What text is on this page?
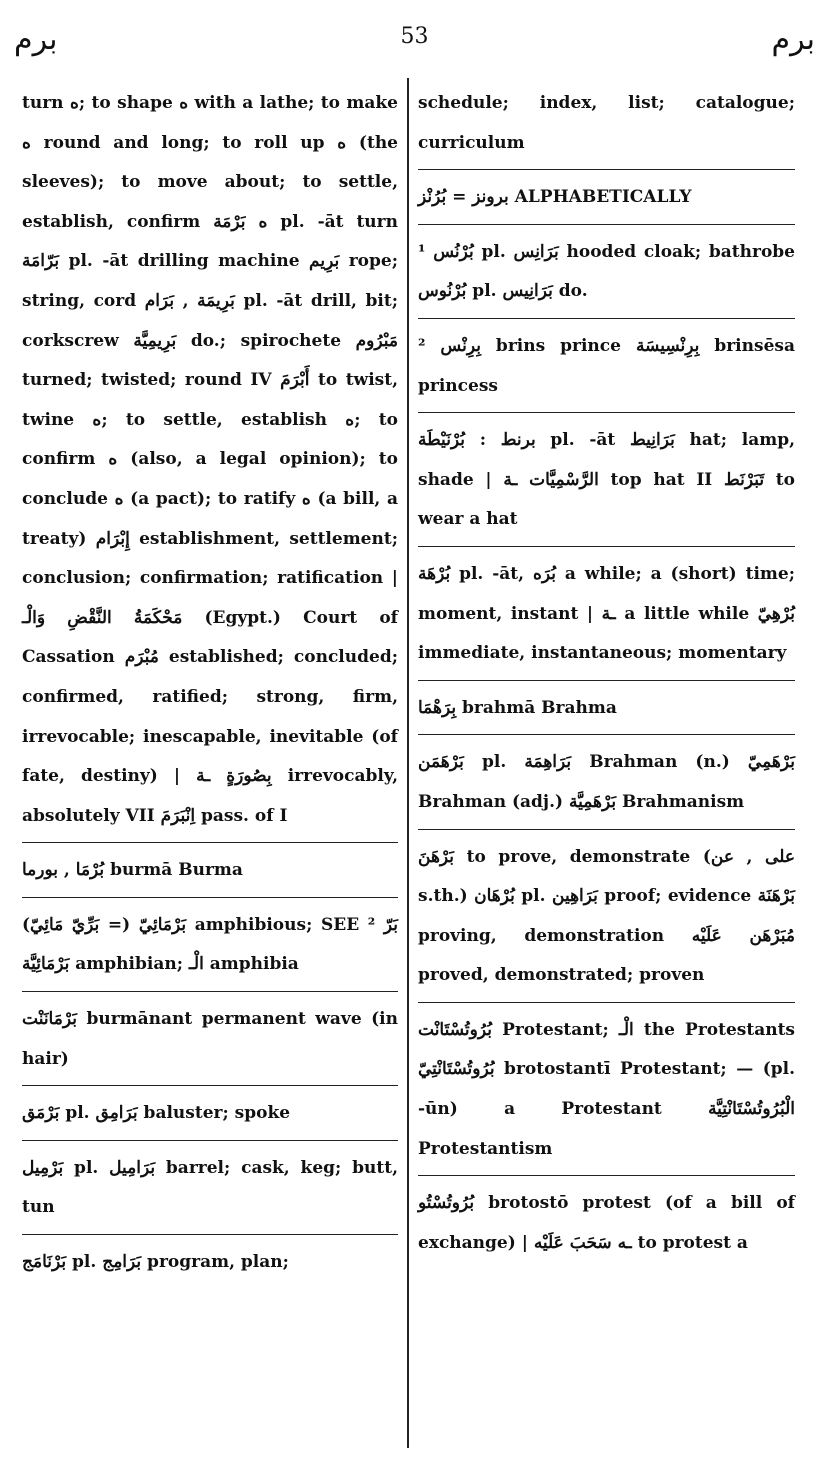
برم	53	برم
turn ه; to shape ه with a lathe; to make ه round and long; to roll up ه (the sleeves); to move about; to settle, establish, confirm ه بَرْمَة pl. -āt turn بَرّامَة pl. -āt drilling machine بَرِيم rope; string, cord بَرِيمَة , بَرَام pl. -āt drill, bit; corkscrew بَرِيمِيَّة do.; spirochete مَبْرُوم turned; twisted; round IV أَبْرَمَ to twist, twine ه; to settle, establish ه; to confirm ه (also, a legal opinion); to conclude ه (a pact); to ratify ه (a bill, a treaty) إِبْرَام establishment, settlement; conclusion; confirmation; ratification | مَحْكَمَةُ النَّقْضِ وَالْـ (Egypt.) Court of Cassation مُبْرَم established; concluded; confirmed, ratified; strong, firm, irrevocable; inescapable, inevitable (of fate, destiny) | بِصُورَةٍ ـة irrevocably, absolutely VII اِنْبَرَمَ pass. of I
بُرْمَا , بورما burmā Burma
بَرْمَائِيّ (= بَرِّيّ مَائِيّ) amphibious; SEE ² بَرّ بَرْمَائِيَّة amphibian; الْـ amphibia
بَرْمَانَنْت burmānant permanent wave (in hair)
بَرْمَق pl. بَرَامِق baluster; spoke
بَرْمِيل pl. بَرَامِيل barrel; cask, keg; butt, tun
بَرْنَامَج pl. بَرَامِج program, plan;
schedule; index, list; catalogue; curriculum
برونز = بُرُنْز ALPHABETICALLY
¹ بُرْنُس pl. بَرَانِس hooded cloak; bathrobe بُرْنُوس pl. بَرَانِيس do.
² بِرِنْس brins prince بِرِنْسِيسَة brinsēsa princess
برنط : بُرْنَيْطَة pl. -āt بَرَانِيط hat; lamp, shade | الرَّسْمِيَّات ـة top hat II تَبَرْنَط to wear a hat
بُرْهَة pl. -āt, بُرَه a while; a (short) time; moment, instant | ـة a little while بُرْهِيّ immediate, instantaneous; momentary
بِرَهْمَا brahmā Brahma
بَرْهَمَن pl. بَرَاهِمَة Brahman (n.) بَرْهَمِيّ Brahman (adj.) بَرْهَمِيَّة Brahmanism
بَرْهَنَ to prove, demonstrate (على , عن s.th.) بُرْهَان pl. بَرَاهِين proof; evidence بَرْهَنَة proving, demonstration مُبَرْهَن عَلَيْه proved, demonstrated; proven
بُرُوتُسْتَانْت Protestant; الْـ the Protestants بُرُوتُسْتَانْتِيّ brotostantī Protestant; — (pl. -ūn) a Protestant الْبُرُوتُسْتَانْتِيَّة Protestantism
بُرُوتُسْتُو brotostō protest (of a bill of exchange) | ـه سَحَبَ عَلَيْه to protest a
